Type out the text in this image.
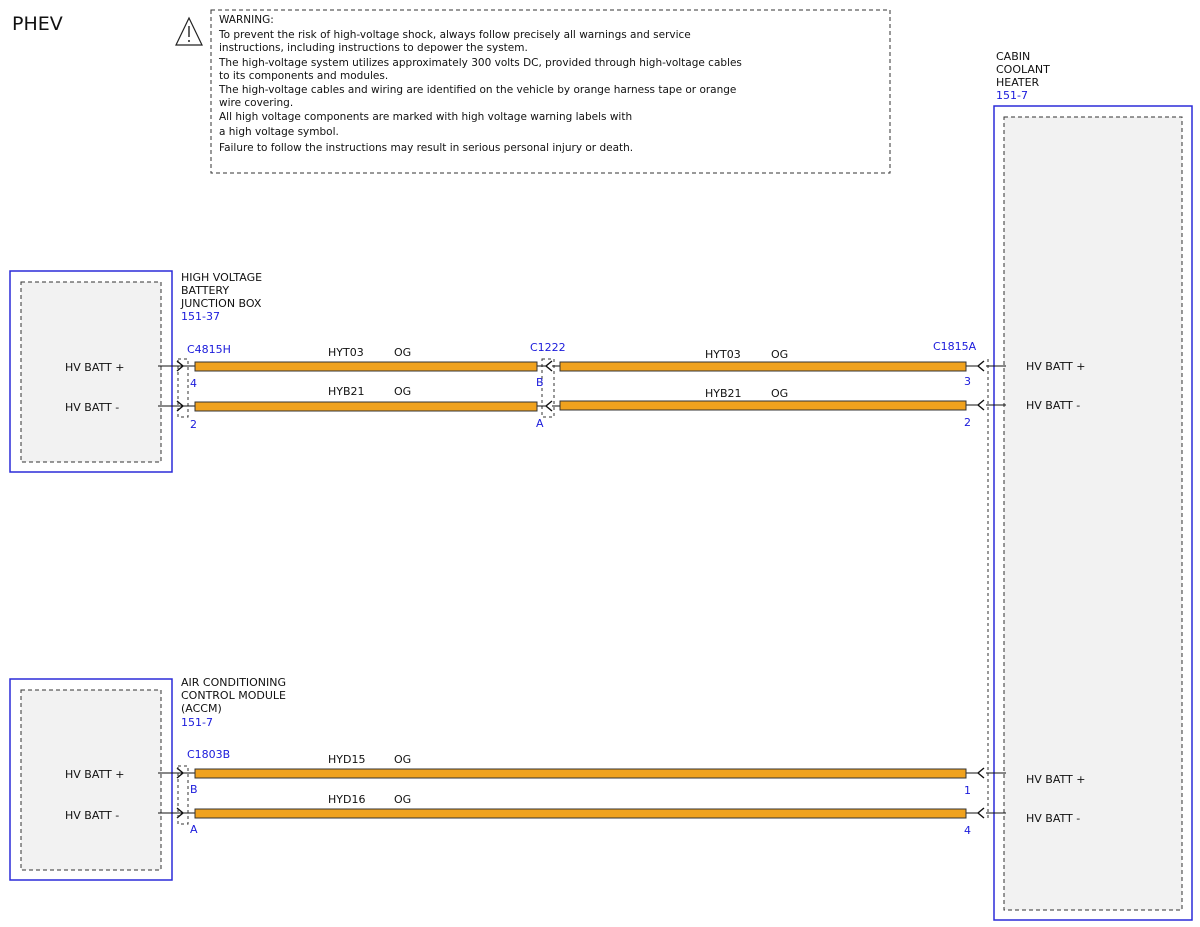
PHEV	WARNING:
To prevent the risk of high-voltage shock, always follow precisely all warnings and service
instructions, including instructions to depower the system.
The high-voltage system utilizes approximately 300 volts DC, provided through high-voltage cables
to its components and modules.
The high-voltage cables and wiring are identified on the vehicle by orange harness tape or orange
wire covering.
All high voltage components are marked with high voltage warning labels with
a high voltage symbol.
Failure to follow the instructions may result in serious personal injury or death.
HV BATT +
HV BATT -
HIGH VOLTAGE
BATTERY
JUNCTION BOX
151-37
HV BATT +
HV BATT -
AIR CONDITIONING
CONTROL MODULE
(ACCM)
151-7
CABIN
COOLANT
HEATER
151-7
HV BATT +
HV BATT -
HV BATT +
HV BATT -
HYT03	OG
HYB21	OG
HYT03	OG
HYB21	OG
HYD15	OG
HYD16	OG
C4815H	C1222	C1815A
C1803B
4
2
B
A
3
2
B
A
1
4
